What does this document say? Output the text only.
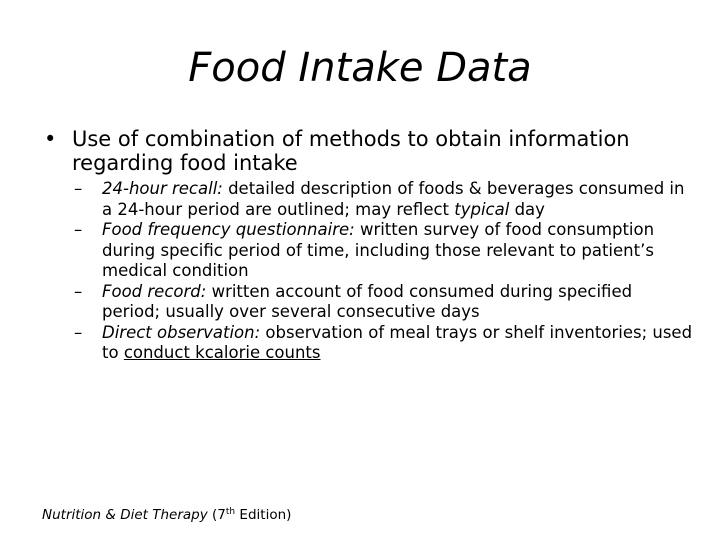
Food Intake Data
• Use of combination of methods to obtain information regarding food intake
– 24-hour recall: detailed description of foods & beverages consumed in a 24-hour period are outlined; may reflect typical day
– Food frequency questionnaire: written survey of food consumption during specific period of time, including those relevant to patient’s medical condition
– Food record: written account of food consumed during specified period; usually over several consecutive days
– Direct observation: observation of meal trays or shelf inventories; used to conduct kcalorie counts
Nutrition & Diet Therapy (7th Edition)
